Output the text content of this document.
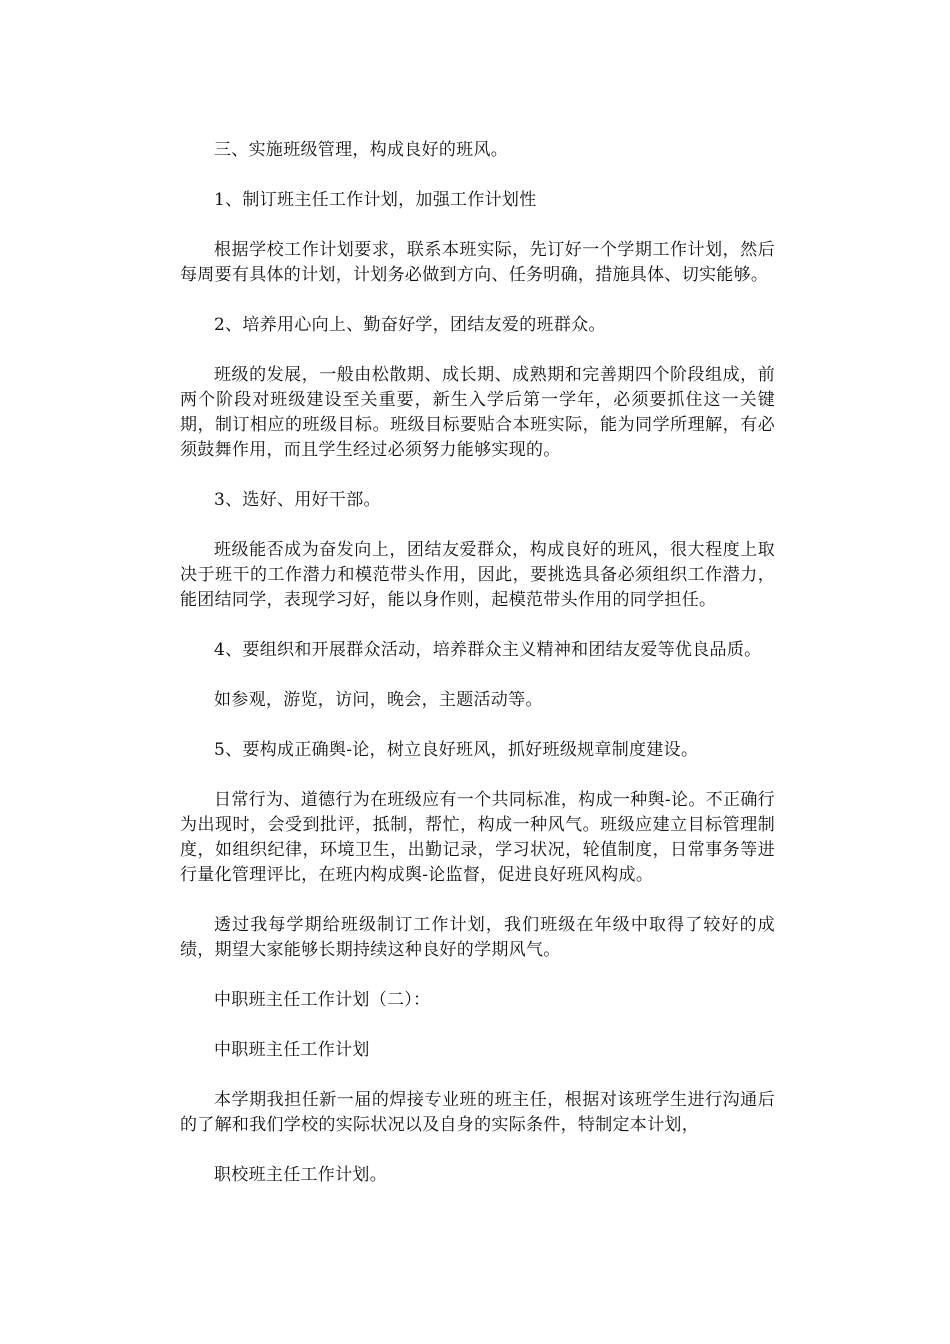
三、实施班级管理，构成良好的班风。

1、制订班主任工作计划，加强工作计划性

根据学校工作计划要求，联系本班实际，先订好一个学期工作计划，然后每周要有具体的计划，计划务必做到方向、任务明确，措施具体、切实能够。

2、培养用心向上、勤奋好学，团结友爱的班群众。

班级的发展，一般由松散期、成长期、成熟期和完善期四个阶段组成，前两个阶段对班级建设至关重要，新生入学后第一学年，必须要抓住这一关键期，制订相应的班级目标。班级目标要贴合本班实际，能为同学所理解，有必须鼓舞作用，而且学生经过必须努力能够实现的。

3、选好、用好干部。

班级能否成为奋发向上，团结友爱群众，构成良好的班风，很大程度上取决于班干的工作潜力和模范带头作用，因此，要挑选具备必须组织工作潜力，能团结同学，表现学习好，能以身作则，起模范带头作用的同学担任。

4、要组织和开展群众活动，培养群众主义精神和团结友爱等优良品质。

如参观，游览，访问，晚会，主题活动等。

5、要构成正确舆-论，树立良好班风，抓好班级规章制度建设。

日常行为、道德行为在班级应有一个共同标准，构成一种舆-论。不正确行为出现时，会受到批评，抵制，帮忙，构成一种风气。班级应建立目标管理制度，如组织纪律，环境卫生，出勤记录，学习状况，轮值制度，日常事务等进行量化管理评比，在班内构成舆-论监督，促进良好班风构成。

透过我每学期给班级制订工作计划，我们班级在年级中取得了较好的成绩，期望大家能够长期持续这种良好的学期风气。

中职班主任工作计划（二）：

中职班主任工作计划

本学期我担任新一届的焊接专业班的班主任，根据对该班学生进行沟通后的了解和我们学校的实际状况以及自身的实际条件，特制定本计划，

职校班主任工作计划。
